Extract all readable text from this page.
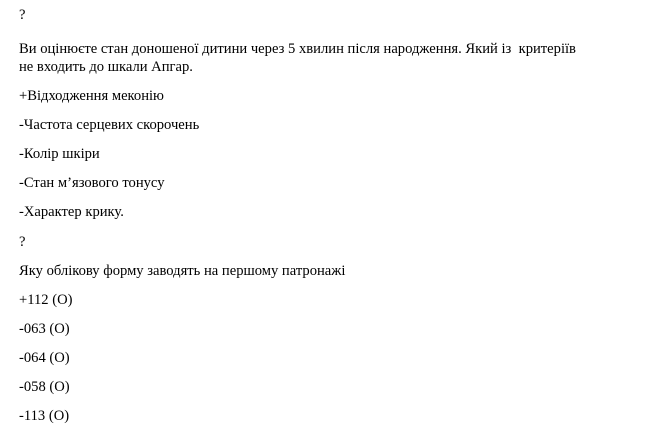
?
Ви оцінюєте стан доношеної дитини через 5 хвилин після народження. Який із  критеріїв
не входить до шкали Апгар.
+Відходження меконію
-Частота серцевих скорочень
-Колір шкіри
-Стан м’язового тонусу
-Характер крику.
?
Яку облікову форму заводять на першому патронажі
+112 (О)
-063 (О)
-064 (О)
-058 (О)
-113 (О)
